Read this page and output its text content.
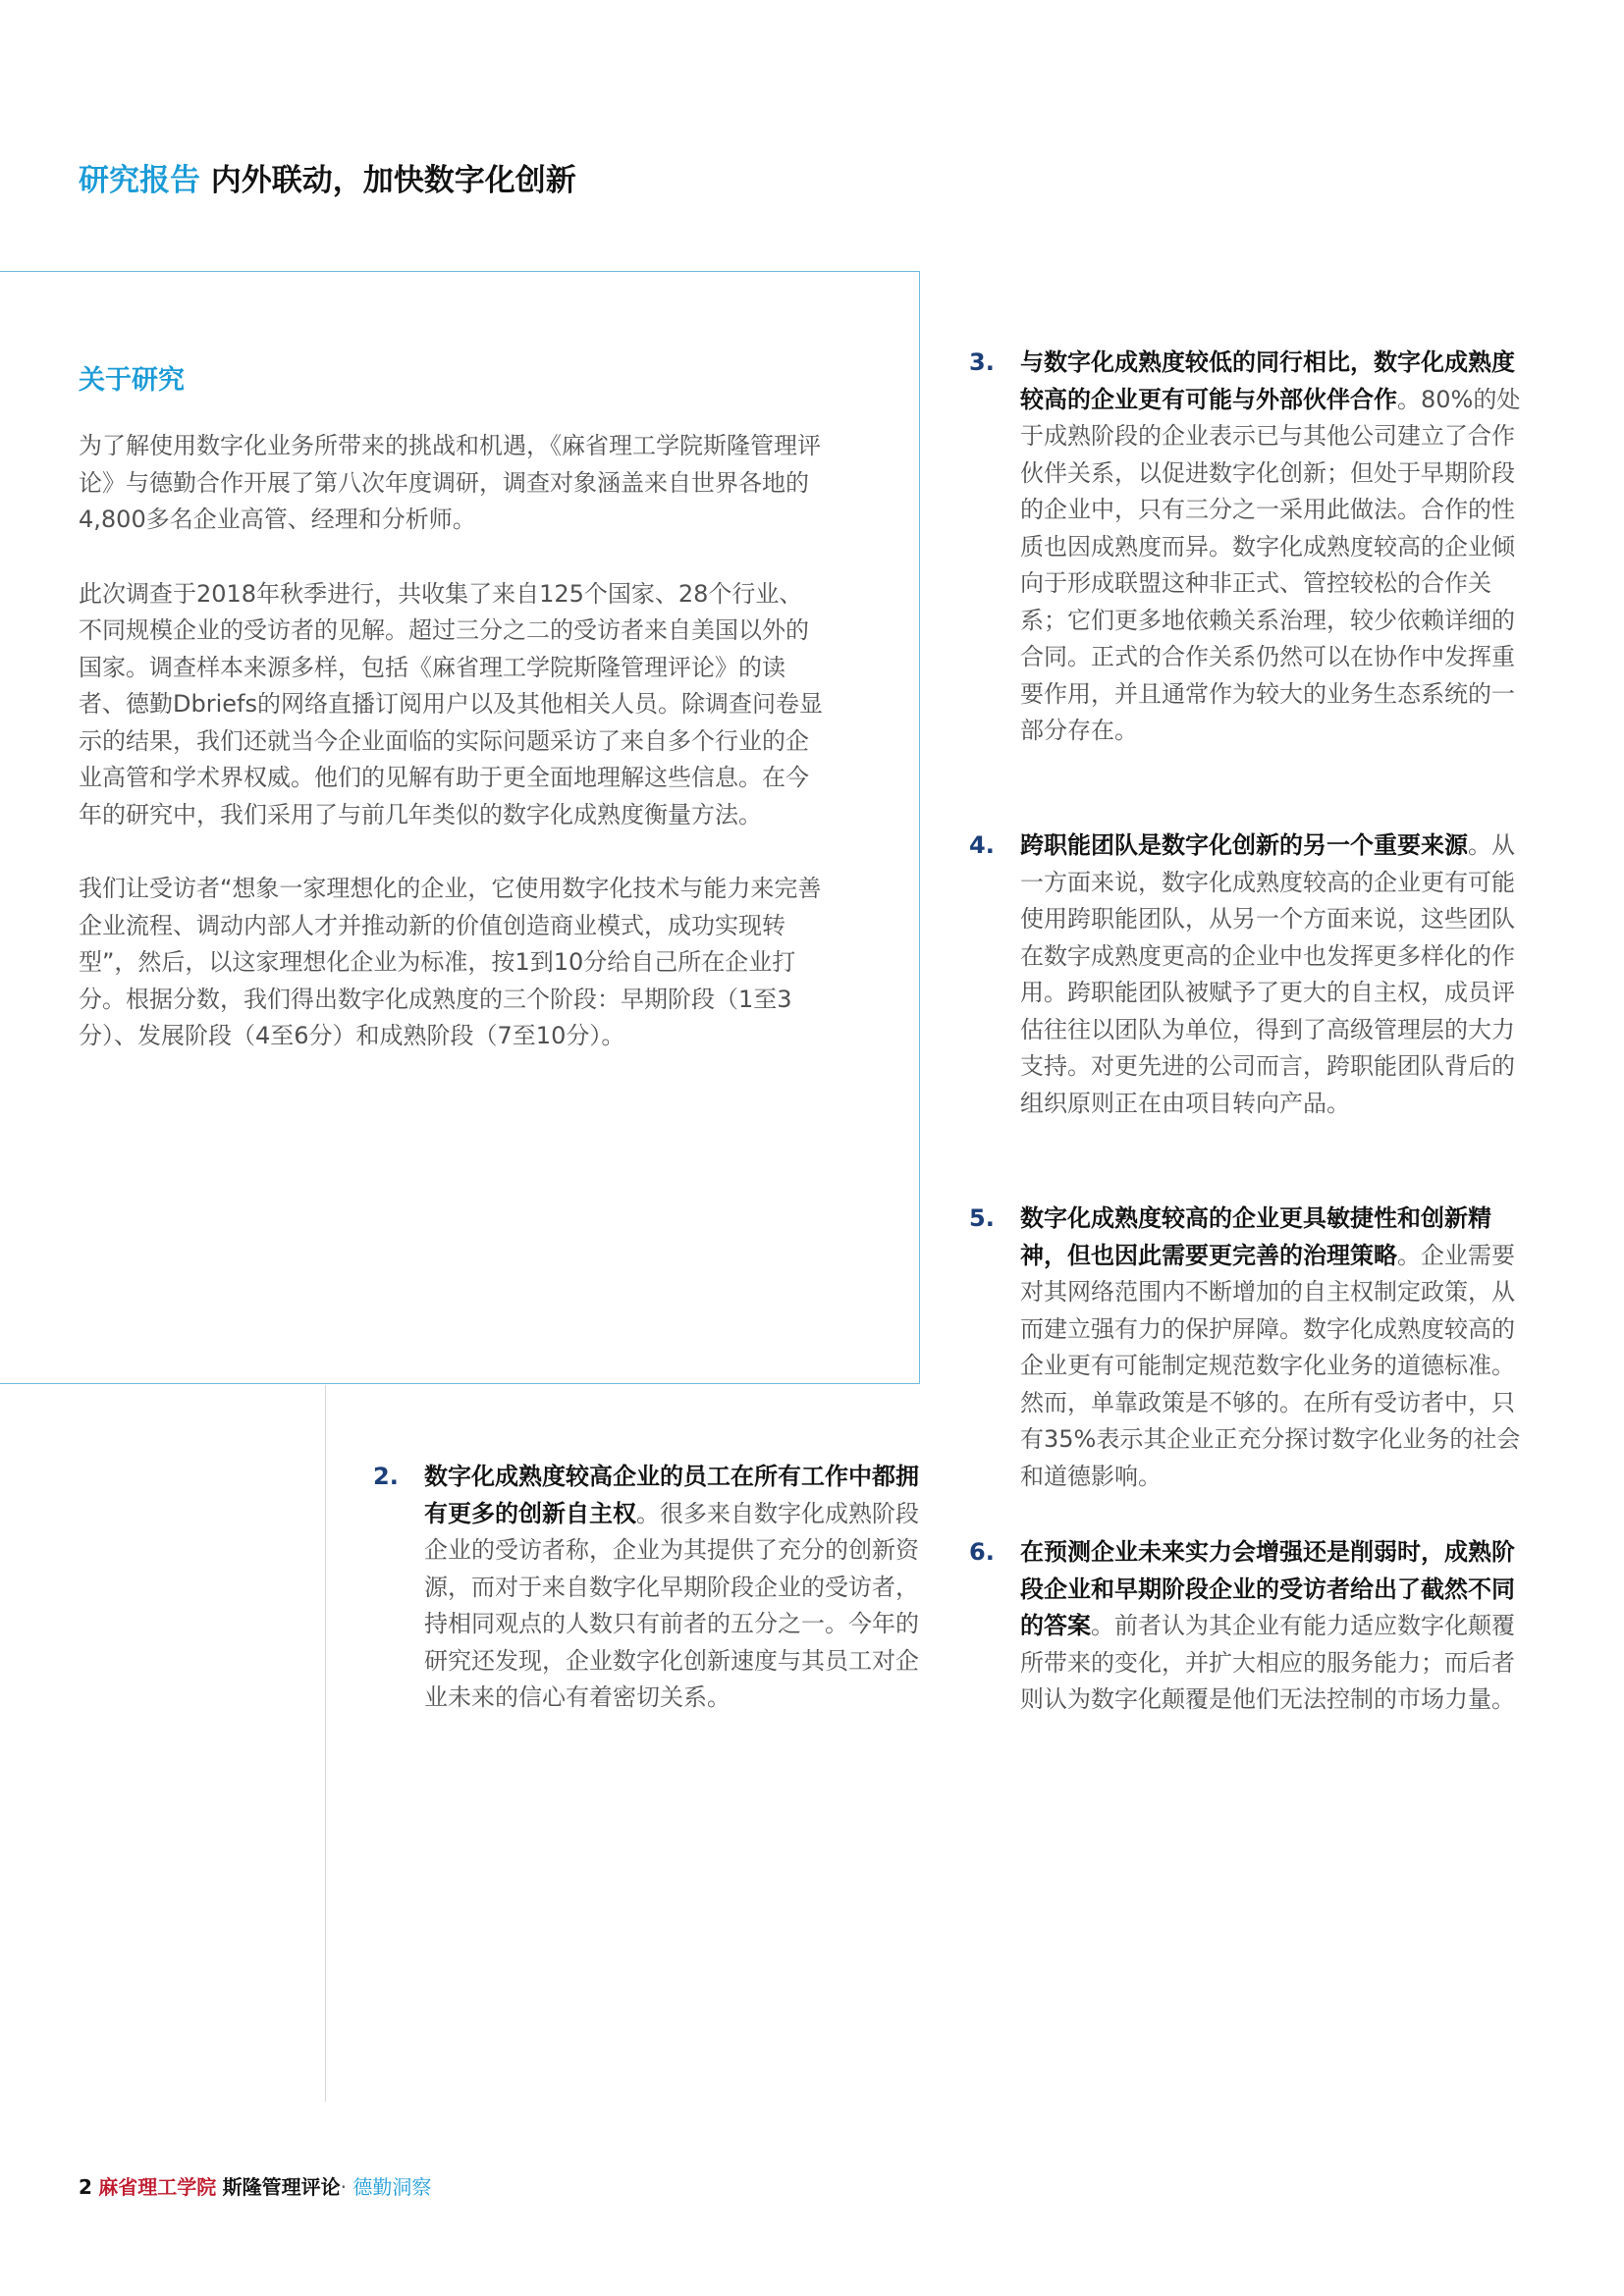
研究报告 内外联动，加快数字化创新
关于研究

为了解使用数字化业务所带来的挑战和机遇，《麻省理工学院斯隆管理评论》与德勤合作开展了第八次年度调研，调查对象涵盖来自世界各地的4,800多名企业高管、经理和分析师。

此次调查于2018年秋季进行，共收集了来自125个国家、28个行业、不同规模企业的受访者的见解。超过三分之二的受访者来自美国以外的国家。调查样本来源多样，包括《麻省理工学院斯隆管理评论》的读者、德勤Dbriefs的网络直播订阅用户以及其他相关人员。除调查问卷显示的结果，我们还就当今企业面临的实际问题采访了来自多个行业的企业高管和学术界权威。他们的见解有助于更全面地理解这些信息。在今年的研究中，我们采用了与前几年类似的数字化成熟度衡量方法。

我们让受访者“想象一家理想化的企业，它使用数字化技术与能力来完善企业流程、调动内部人才并推动新的价值创造商业模式，成功实现转型”，然后，以这家理想化企业为标准，按1到10分给自己所在企业打分。根据分数，我们得出数字化成熟度的三个阶段：早期阶段（1至3分）、发展阶段（4至6分）和成熟阶段（7至10分）。

2. 数字化成熟度较高企业的员工在所有工作中都拥有更多的创新自主权。很多来自数字化成熟阶段企业的受访者称，企业为其提供了充分的创新资源，而对于来自数字化早期阶段企业的受访者，持相同观点的人数只有前者的五分之一。今年的研究还发现，企业数字化创新速度与其员工对企业未来的信心有着密切关系。
3. 与数字化成熟度较低的同行相比，数字化成熟度较高的企业更有可能与外部伙伴合作。80%的处于成熟阶段的企业表示已与其他公司建立了合作伙伴关系，以促进数字化创新；但处于早期阶段的企业中，只有三分之一采用此做法。合作的性质也因成熟度而异。数字化成熟度较高的企业倾向于形成联盟这种非正式、管控较松的合作关系；它们更多地依赖关系治理，较少依赖详细的合同。正式的合作关系仍然可以在协作中发挥重要作用，并且通常作为较大的业务生态系统的一部分存在。
4. 跨职能团队是数字化创新的另一个重要来源。从一方面来说，数字化成熟度较高的企业更有可能使用跨职能团队，从另一个方面来说，这些团队在数字成熟度更高的企业中也发挥更多样化的作用。跨职能团队被赋予了更大的自主权，成员评估往往以团队为单位，得到了高级管理层的大力支持。对更先进的公司而言，跨职能团队背后的组织原则正在由项目转向产品。
5. 数字化成熟度较高的企业更具敏捷性和创新精神，但也因此需要更完善的治理策略。企业需要对其网络范围内不断增加的自主权制定政策，从而建立强有力的保护屏障。数字化成熟度较高的企业更有可能制定规范数字化业务的道德标准。然而，单靠政策是不够的。在所有受访者中，只有35%表示其企业正充分探讨数字化业务的社会和道德影响。
6. 在预测企业未来实力会增强还是削弱时，成熟阶段企业和早期阶段企业的受访者给出了截然不同的答案。前者认为其企业有能力适应数字化颠覆所带来的变化，并扩大相应的服务能力；而后者则认为数字化颠覆是他们无法控制的市场力量。
2 麻省理工学院 斯隆管理评论· 德勤洞察
